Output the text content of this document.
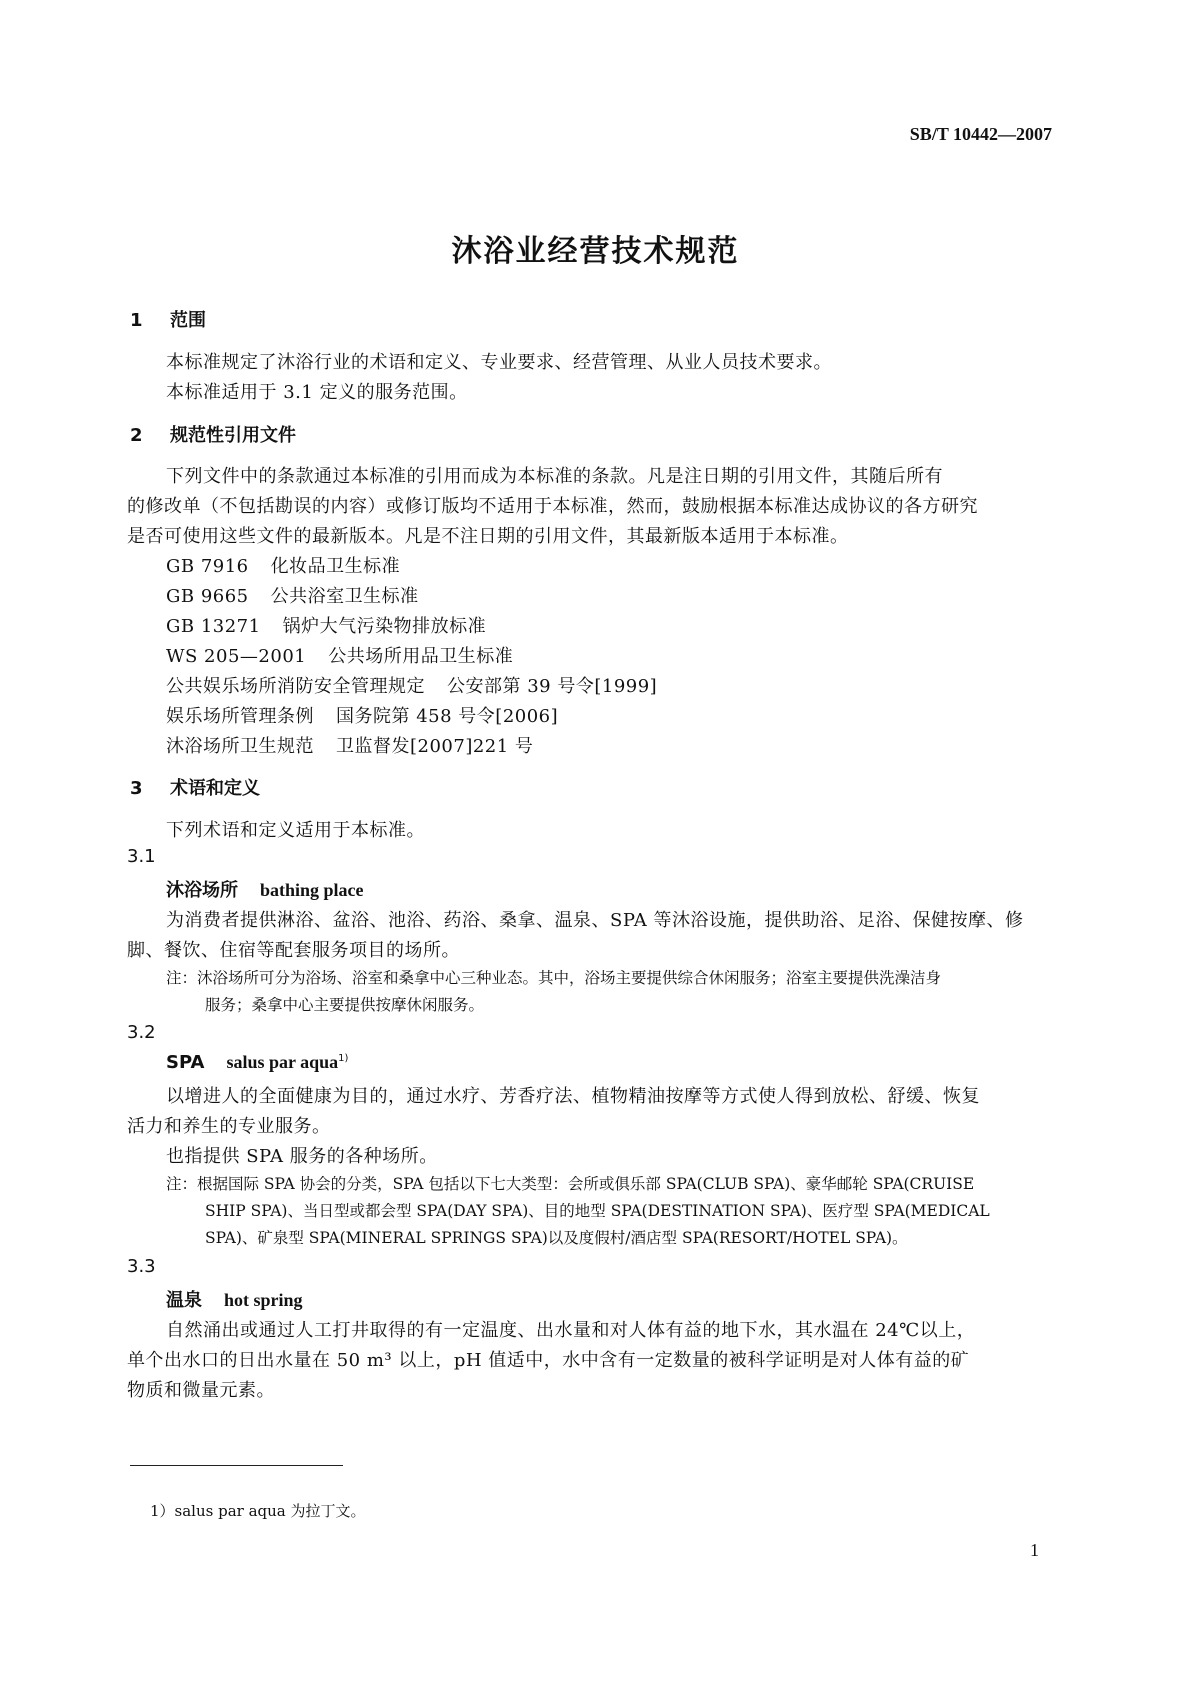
SB/T 10442—2007
沐浴业经营技术规范
1 范围
本标准规定了沐浴行业的术语和定义、专业要求、经营管理、从业人员技术要求。
本标准适用于 3.1 定义的服务范围。
2 规范性引用文件
下列文件中的条款通过本标准的引用而成为本标准的条款。凡是注日期的引用文件，其随后所有
的修改单（不包括勘误的内容）或修订版均不适用于本标准，然而，鼓励根据本标准达成协议的各方研究
是否可使用这些文件的最新版本。凡是不注日期的引用文件，其最新版本适用于本标准。
GB 7916 化妆品卫生标准
GB 9665 公共浴室卫生标准
GB 13271 锅炉大气污染物排放标准
WS 205—2001 公共场所用品卫生标准
公共娱乐场所消防安全管理规定 公安部第 39 号令[1999]
娱乐场所管理条例 国务院第 458 号令[2006]
沐浴场所卫生规范 卫监督发[2007]221 号
3 术语和定义
下列术语和定义适用于本标准。
3.1
沐浴场所 bathing place
为消费者提供淋浴、盆浴、池浴、药浴、桑拿、温泉、SPA 等沐浴设施，提供助浴、足浴、保健按摩、修
脚、餐饮、住宿等配套服务项目的场所。
注：沐浴场所可分为浴场、浴室和桑拿中心三种业态。其中，浴场主要提供综合休闲服务；浴室主要提供洗澡洁身
服务；桑拿中心主要提供按摩休闲服务。
3.2
SPA salus par aqua$^{1)}$
以增进人的全面健康为目的，通过水疗、芳香疗法、植物精油按摩等方式使人得到放松、舒缓、恢复
活力和养生的专业服务。
也指提供 SPA 服务的各种场所。
注：根据国际 SPA 协会的分类，SPA 包括以下七大类型：会所或俱乐部 SPA(CLUB SPA)、豪华邮轮 SPA(CRUISE
SHIP SPA)、当日型或都会型 SPA(DAY SPA)、目的地型 SPA(DESTINATION SPA)、医疗型 SPA(MEDICAL
SPA)、矿泉型 SPA(MINERAL SPRINGS SPA)以及度假村/酒店型 SPA(RESORT/HOTEL SPA)。
3.3
温泉 hot spring
自然涌出或通过人工打井取得的有一定温度、出水量和对人体有益的地下水，其水温在 24℃以上，
单个出水口的日出水量在 50 m³ 以上，pH 值适中，水中含有一定数量的被科学证明是对人体有益的矿
物质和微量元素。
1）salus par aqua 为拉丁文。
1
